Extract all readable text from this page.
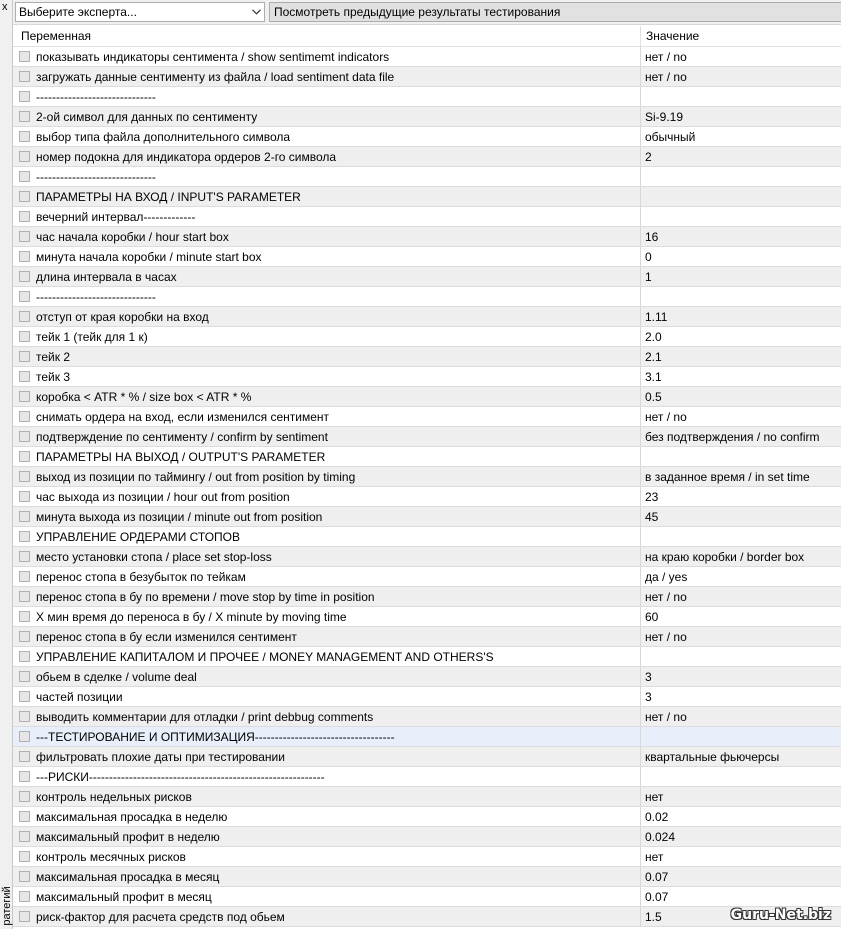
x
ратегий
Выберите эксперта...	Посмотреть предыдущие результаты тестирования
Переменная	Значение
показывать индикаторы сентимента / show sentimemt indicators	нет / no
загружать данные сентименту из файла / load sentiment data file	нет / no
------------------------------
2-ой символ для данных по сентименту	Si-9.19
выбор типа файла дополнительного символа	обычный
номер подокна для индикатора ордеров 2-го символа	2
------------------------------
ПАРАМЕТРЫ НА ВХОД / INPUT'S PARAMETER
вечерний интервал-------------
час начала коробки / hour start box	16
минута начала коробки / minute start box	0
длина интервала в часах	1
------------------------------
отступ от края коробки на вход	1.11
тейк 1 (тейк для 1 к)	2.0
тейк 2	2.1
тейк 3	3.1
коробка < ATR * % / size box < ATR * %	0.5
снимать ордера на вход, если изменился сентимент	нет / no
подтверждение по сентименту / confirm by sentiment	без подтверждения / no confirm
ПАРАМЕТРЫ НА ВЫХОД / OUTPUT'S PARAMETER
выход из позиции по таймингу / out from position by timing	в заданное время / in set time
час выхода из позиции / hour out from position	23
минута выхода из позиции / minute out from position	45
УПРАВЛЕНИЕ ОРДЕРАМИ СТОПОВ
место установки стопа / place set stop-loss	на краю коробки / border box
перенос стопа в безубыток по тейкам	да / yes
перенос стопа в бу по времени / move stop by time in position	нет / no
X мин время до переноса в бу / X minute by moving time	60
перенос стопа в бу если изменился сентимент	нет / no
УПРАВЛЕНИЕ КАПИТАЛОМ И ПРОЧЕЕ / MONEY MANAGEMENT AND OTHERS'S
обьем в сделке / volume deal	3
частей позиции	3
выводить комментарии для отладки / print debbug comments	нет / no
---ТЕСТИРОВАНИЕ И ОПТИМИЗАЦИЯ-----------------------------------
фильтровать плохие даты при тестировании	квартальные фьючерсы
---РИСКИ-----------------------------------------------------------
контроль недельных рисков	нет
максимальная просадка в неделю	0.02
максимальный профит в неделю	0.024
контроль месячных рисков	нет
максимальная просадка в месяц	0.07
максимальный профит в месяц	0.07
риск-фактор для расчета средств под обьем	1.5	Guru-Net.biz
